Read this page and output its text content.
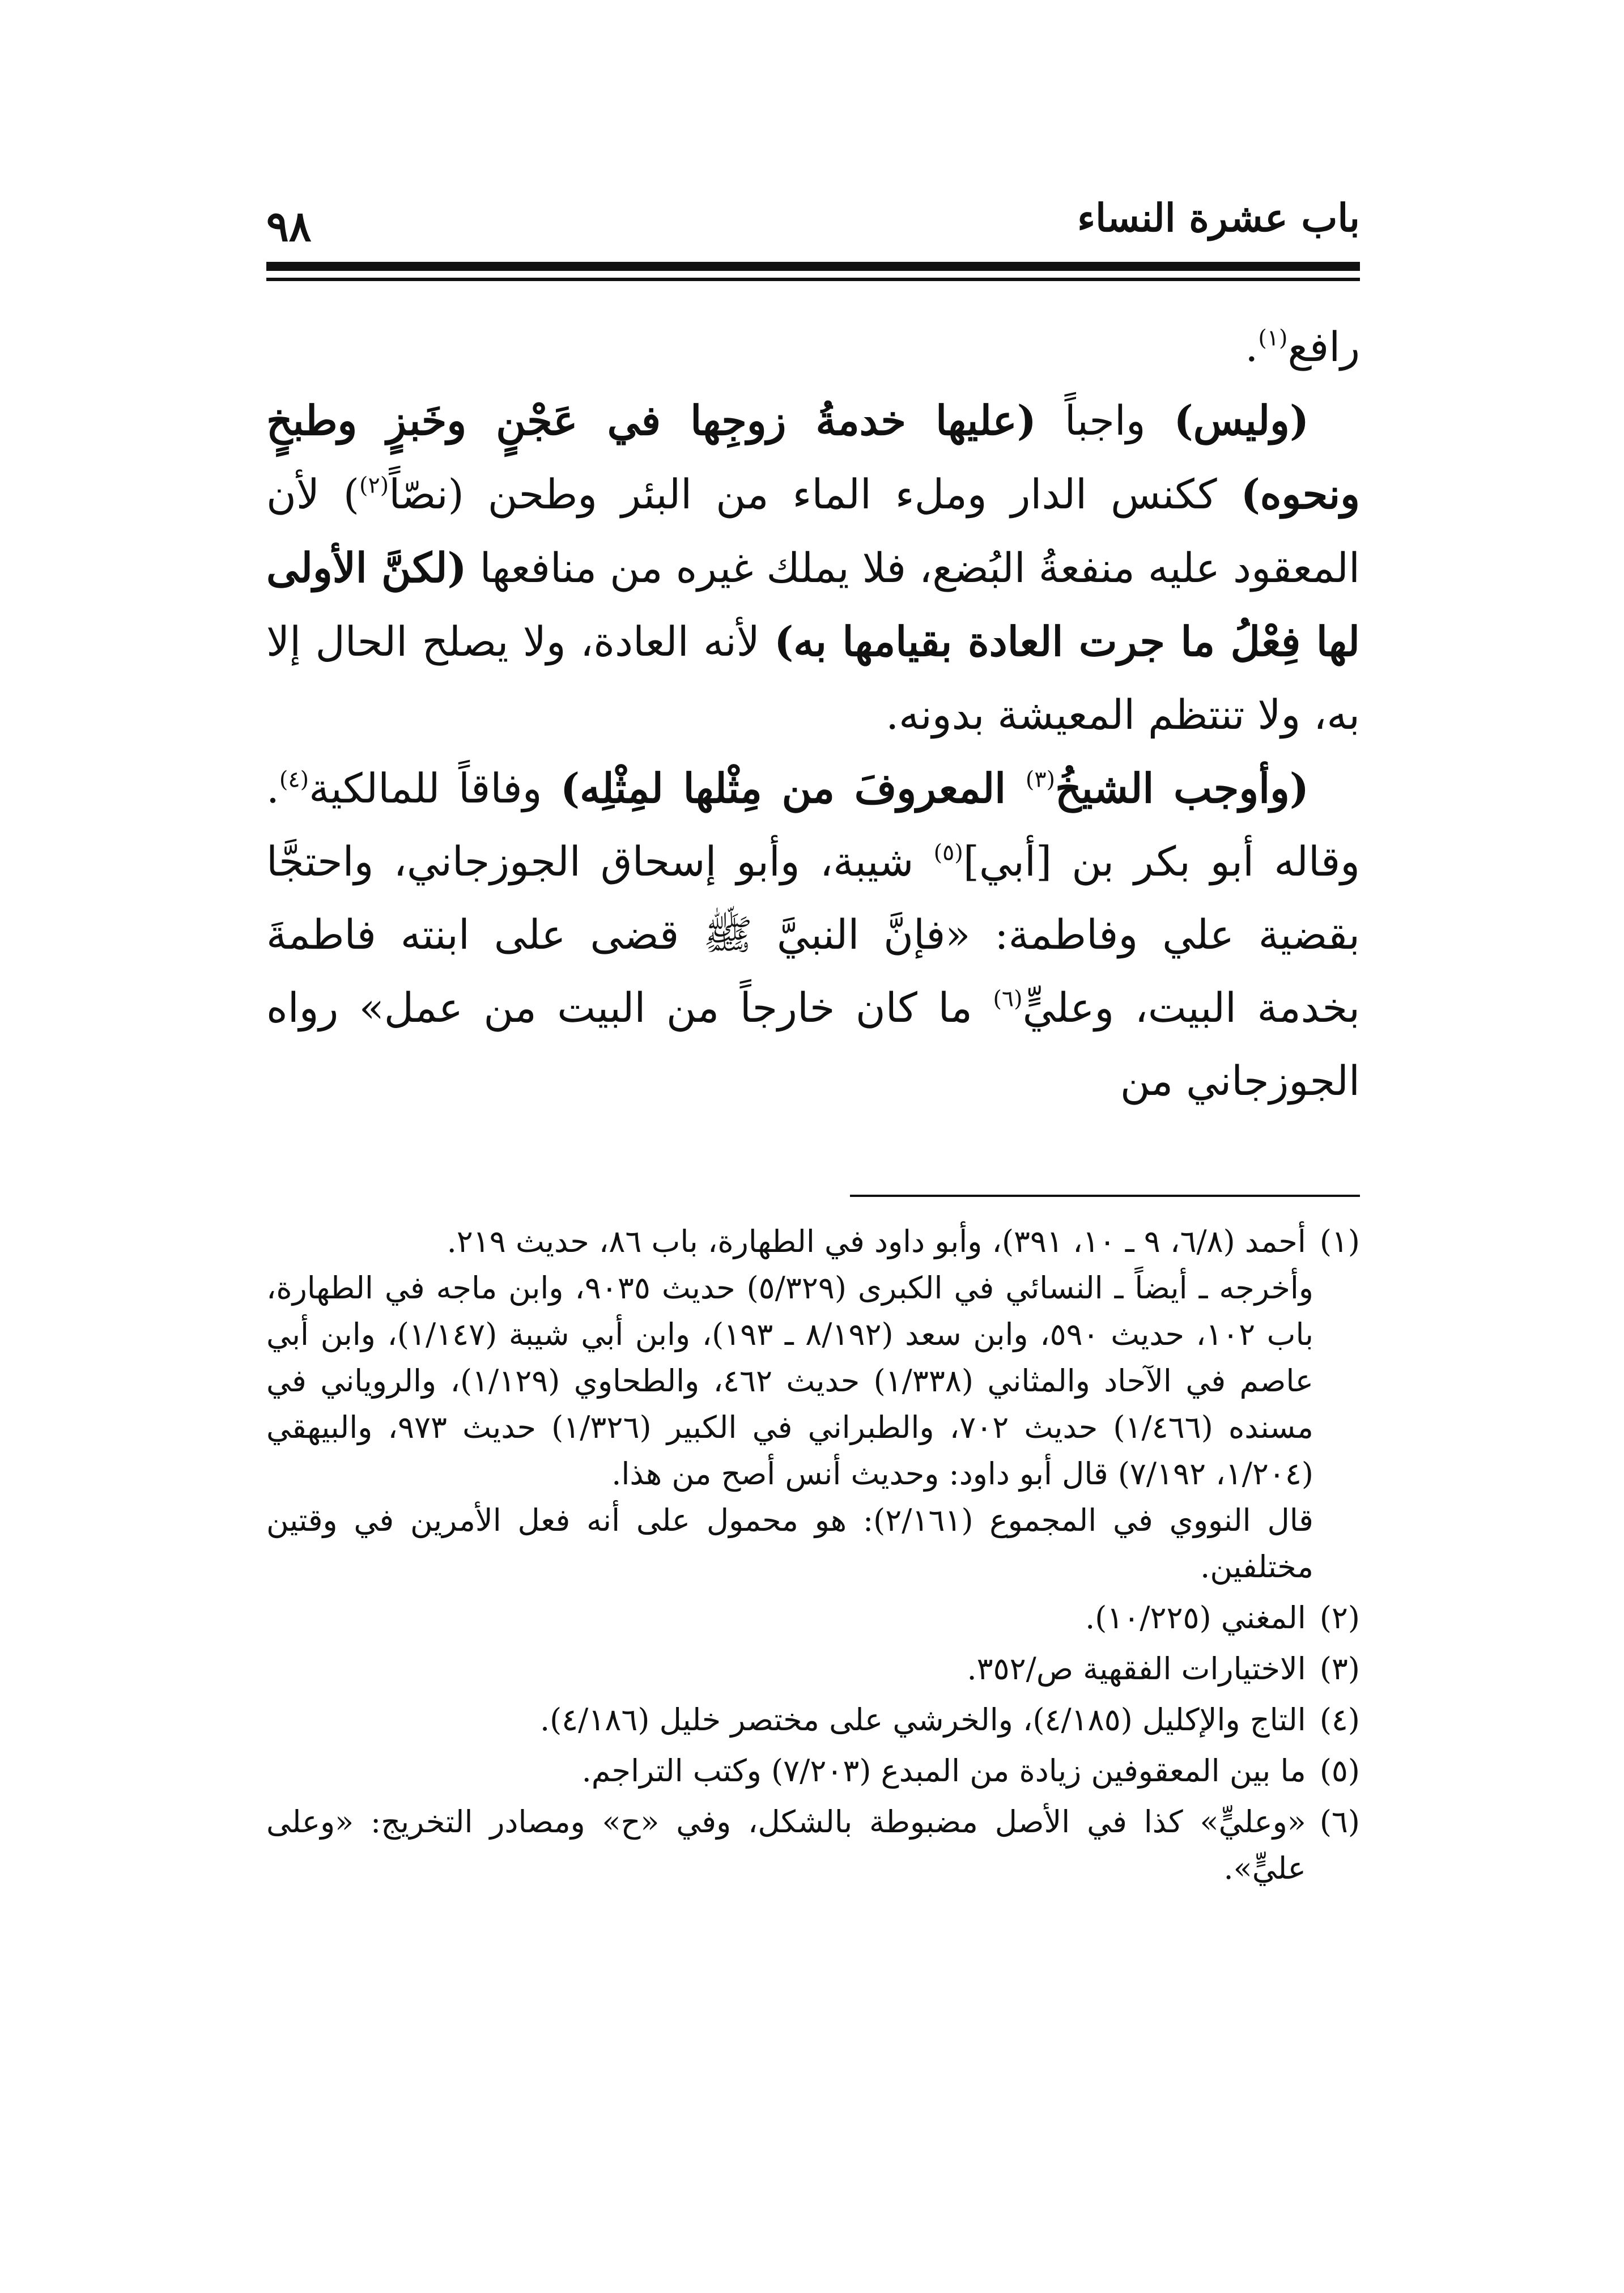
باب عشرة النساء
٩٨

رافع$^{(١)}$.

(وليس) واجباً (عليها خدمةُ زوجِها في عَجْنٍ وخَبزٍ وطبخٍ ونحوه) ككنس الدار وملء الماء من البئر وطحن (نصّاً$^{(٢)}$) لأن المعقود عليه منفعةُ البُضع، فلا يملك غيره من منافعها (لكنَّ الأولى لها فِعْلُ ما جرت العادة بقيامها به) لأنه العادة، ولا يصلح الحال إلا به، ولا تنتظم المعيشة بدونه.

(وأوجب الشيخُ$^{(٣)}$ المعروفَ من مِثْلها لمِثْلِه) وفاقاً للمالكية$^{(٤)}$. وقاله أبو بكر بن [أبي]$^{(٥)}$ شيبة، وأبو إسحاق الجوزجاني، واحتجَّا بقضية علي وفاطمة: «فإنَّ النبيَّ ﷺ قضى على ابنته فاطمةَ بخدمة البيت، وعليٍّ$^{(٦)}$ ما كان خارجاً من البيت من عمل» رواه الجوزجاني من

(١)
أحمد (٦/٨، ٩ ـ ١٠، ٣٩١)، وأبو داود في الطهارة، باب ٨٦، حديث ٢١٩.

وأخرجه ـ أيضاً ـ النسائي في الكبرى (٥/٣٢٩) حديث ٩٠٣٥، وابن ماجه في الطهارة، باب ١٠٢، حديث ٥٩٠، وابن سعد (٨/١٩٢ ـ ١٩٣)، وابن أبي شيبة (١/١٤٧)، وابن أبي عاصم في الآحاد والمثاني (١/٣٣٨) حديث ٤٦٢، والطحاوي (١/١٢٩)، والروياني في مسنده (١/٤٦٦) حديث ٧٠٢، والطبراني في الكبير (١/٣٢٦) حديث ٩٧٣، والبيهقي (١/٢٠٤، ٧/١٩٢) قال أبو داود: وحديث أنس أصح من هذا.

قال النووي في المجموع (٢/١٦١): هو محمول على أنه فعل الأمرين في وقتين مختلفين.

(٢)
المغني (١٠/٢٢٥).
(٣)
الاختيارات الفقهية ص/٣٥٢.
(٤)
التاج والإكليل (٤/١٨٥)، والخرشي على مختصر خليل (٤/١٨٦).
(٥)
ما بين المعقوفين زيادة من المبدع (٧/٢٠٣) وكتب التراجم.
(٦)
«وعليٍّ» كذا في الأصل مضبوطة بالشكل، وفي «ح» ومصادر التخريج: «وعلى عليٍّ».
